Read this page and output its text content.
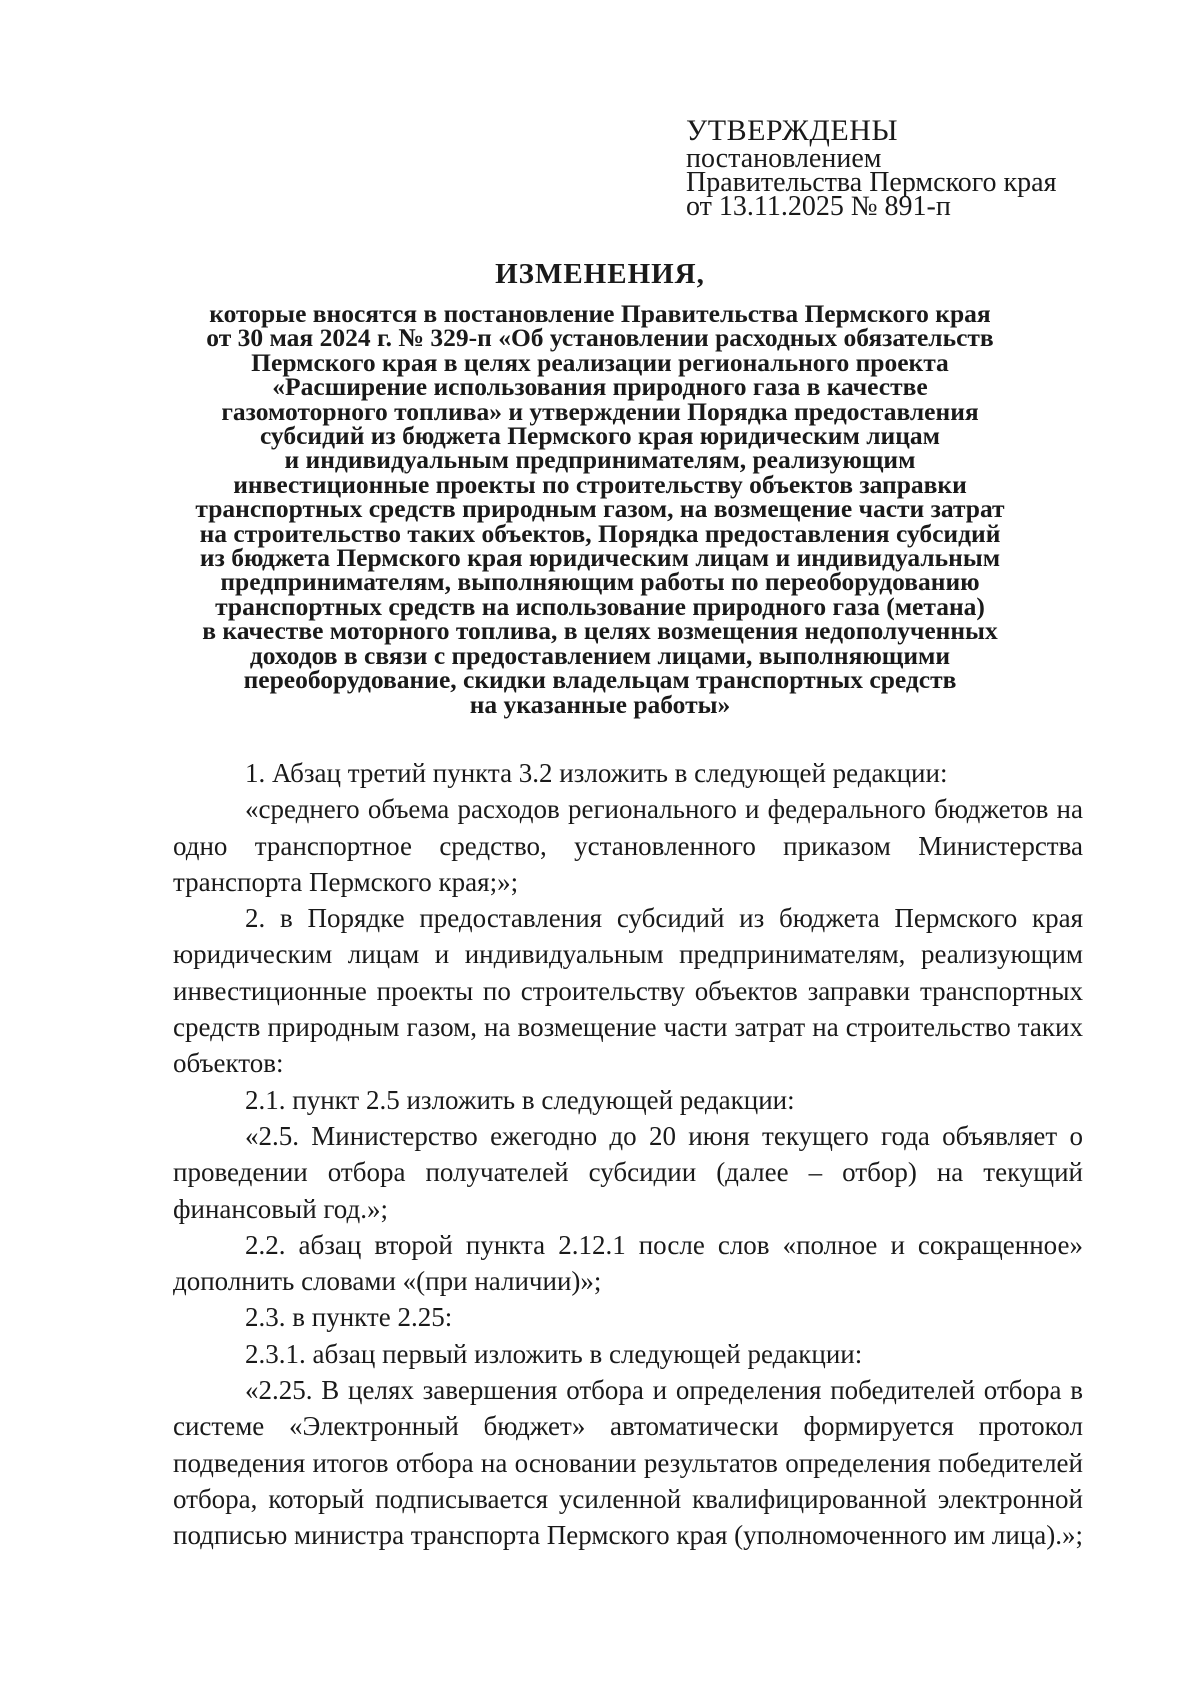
УТВЕРЖДЕНЫ
постановлением
Правительства Пермского края
от 13.11.2025 № 891-п
ИЗМЕНЕНИЯ,
которые вносятся в постановление Правительства Пермского края
от 30 мая 2024 г. № 329-п «Об установлении расходных обязательств
Пермского края в целях реализации регионального проекта
«Расширение использования природного газа в качестве
газомоторного топлива» и утверждении Порядка предоставления
субсидий из бюджета Пермского края юридическим лицам
и индивидуальным предпринимателям, реализующим
инвестиционные проекты по строительству объектов заправки
транспортных средств природным газом, на возмещение части затрат
на строительство таких объектов, Порядка предоставления субсидий
из бюджета Пермского края юридическим лицам и индивидуальным
предпринимателям, выполняющим работы по переоборудованию
транспортных средств на использование природного газа (метана)
в качестве моторного топлива, в целях возмещения недополученных
доходов в связи с предоставлением лицами, выполняющими
переоборудование, скидки владельцам транспортных средств
на указанные работы»

1. Абзац третий пункта 3.2 изложить в следующей редакции:

«среднего объема расходов регионального и федерального бюджетов на одно транспортное средство, установленного приказом Министерства транспорта Пермского края;»;

2. в Порядке предоставления субсидий из бюджета Пермского края юридическим лицам и индивидуальным предпринимателям, реализующим инвестиционные проекты по строительству объектов заправки транспортных средств природным газом, на возмещение части затрат на строительство таких объектов:

2.1. пункт 2.5 изложить в следующей редакции:

«2.5. Министерство ежегодно до 20 июня текущего года объявляет о проведении отбора получателей субсидии (далее – отбор) на текущий финансовый год.»;

2.2. абзац второй пункта 2.12.1 после слов «полное и сокращенное» дополнить словами «(при наличии)»;

2.3. в пункте 2.25:

2.3.1. абзац первый изложить в следующей редакции:

«2.25. В целях завершения отбора и определения победителей отбора в системе «Электронный бюджет» автоматически формируется протокол подведения итогов отбора на основании результатов определения победителей отбора, который подписывается усиленной квалифицированной электронной подписью министра транспорта Пермского края (уполномоченного им лица).»;
